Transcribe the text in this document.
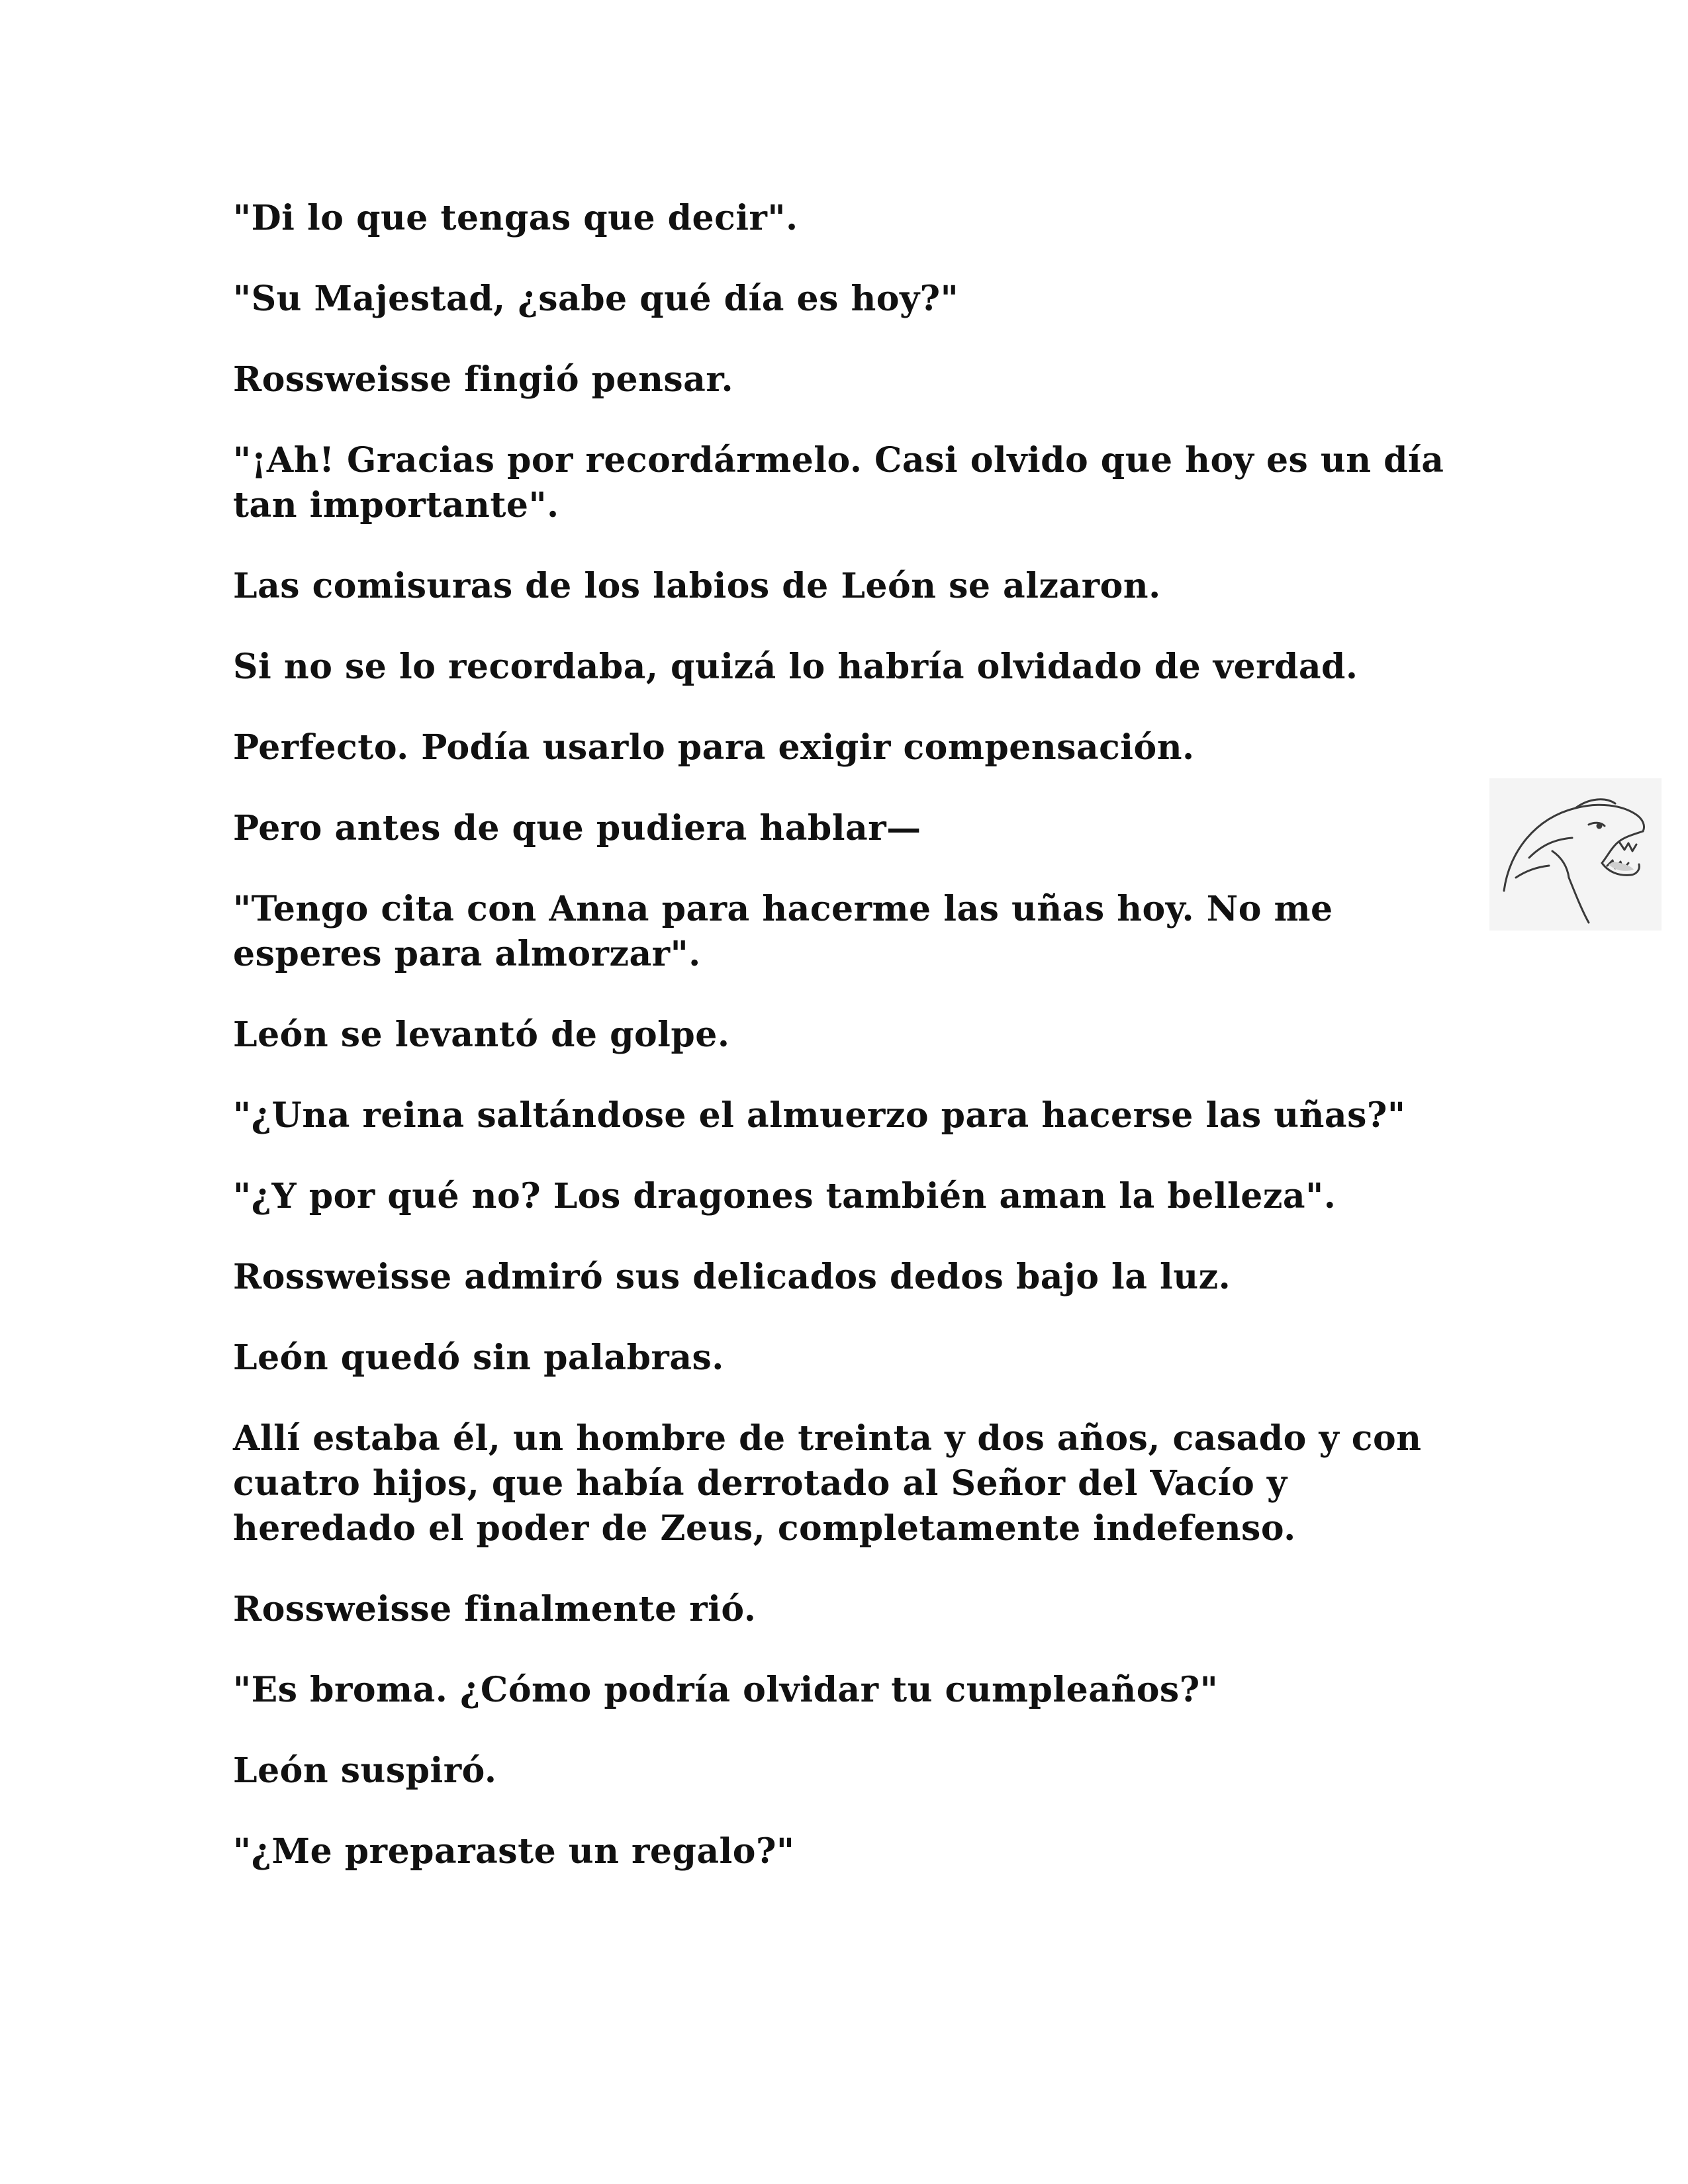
"Di lo que tengas que decir".

"Su Majestad, ¿sabe qué día es hoy?"

Rossweisse fingió pensar.

"¡Ah! Gracias por recordármelo. Casi olvido que hoy es un día tan importante".

Las comisuras de los labios de León se alzaron.

Si no se lo recordaba, quizá lo habría olvidado de verdad.

Perfecto. Podía usarlo para exigir compensación.

Pero antes de que pudiera hablar—

"Tengo cita con Anna para hacerme las uñas hoy. No me esperes para almorzar".

León se levantó de golpe.

"¿Una reina saltándose el almuerzo para hacerse las uñas?"

"¿Y por qué no? Los dragones también aman la belleza".

Rossweisse admiró sus delicados dedos bajo la luz.

León quedó sin palabras.

Allí estaba él, un hombre de treinta y dos años, casado y con cuatro hijos, que había derrotado al Señor del Vacío y heredado el poder de Zeus, completamente indefenso.

Rossweisse finalmente rió.

"Es broma. ¿Cómo podría olvidar tu cumpleaños?"

León suspiró.

"¿Me preparaste un regalo?"
